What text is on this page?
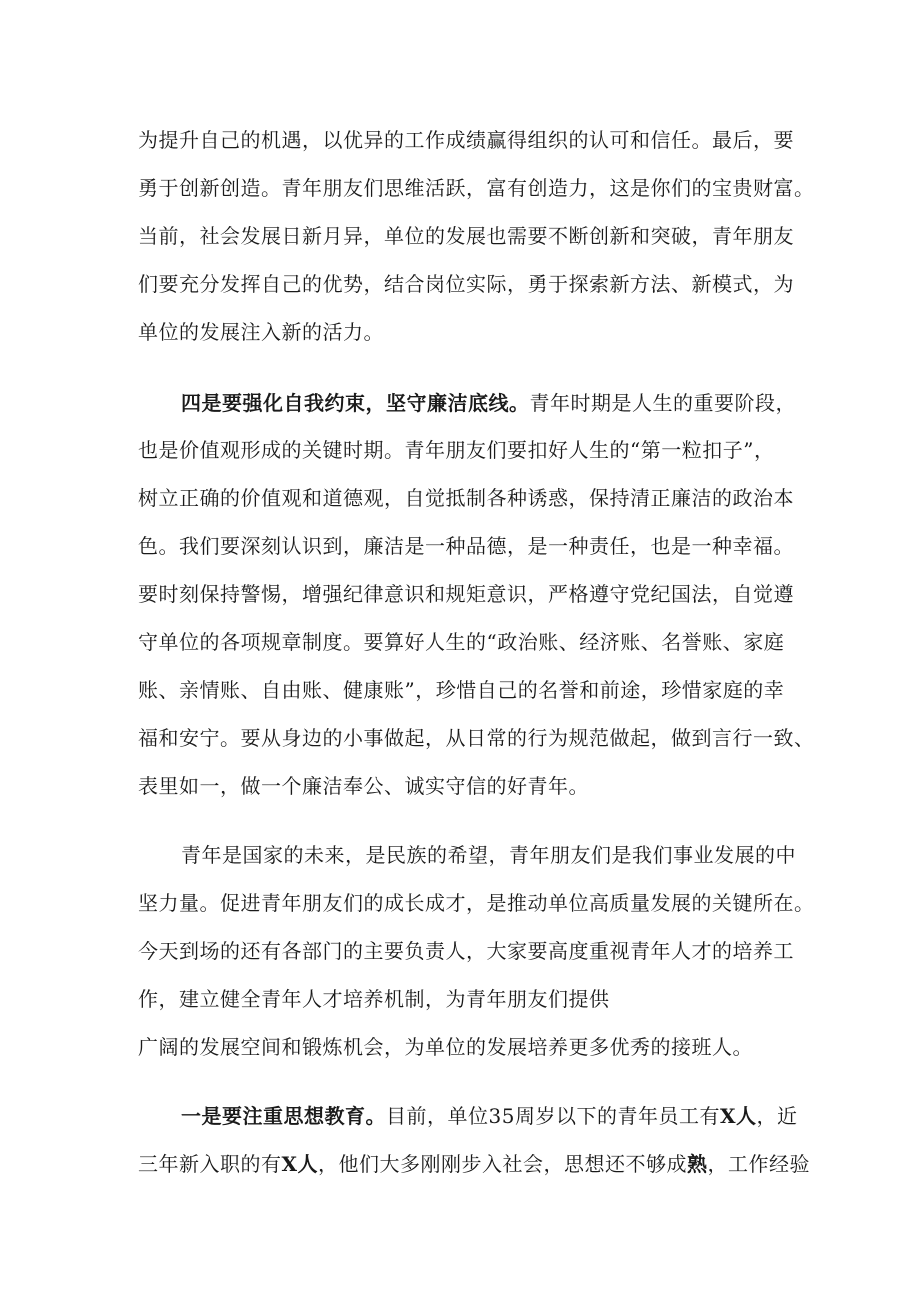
为提升自己的机遇，以优异的工作成绩赢得组织的认可和信任。最后，要

勇于创新创造。青年朋友们思维活跃，富有创造力，这是你们的宝贵财富。

当前，社会发展日新月异，单位的发展也需要不断创新和突破，青年朋友

们要充分发挥自己的优势，结合岗位实际，勇于探索新方法、新模式，为

单位的发展注入新的活力。

四是要强化自我约束，坚守廉洁底线。青年时期是人生的重要阶段，

也是价值观形成的关键时期。青年朋友们要扣好人生的“第一粒扣子”，

树立正确的价值观和道德观，自觉抵制各种诱惑，保持清正廉洁的政治本

色。我们要深刻认识到，廉洁是一种品德，是一种责任，也是一种幸福。

要时刻保持警惕，增强纪律意识和规矩意识，严格遵守党纪国法，自觉遵

守单位的各项规章制度。要算好人生的“政治账、经济账、名誉账、家庭

账、亲情账、自由账、健康账”，珍惜自己的名誉和前途，珍惜家庭的幸

福和安宁。要从身边的小事做起，从日常的行为规范做起，做到言行一致、

表里如一，做一个廉洁奉公、诚实守信的好青年。

青年是国家的未来，是民族的希望，青年朋友们是我们事业发展的中

坚力量。促进青年朋友们的成长成才，是推动单位高质量发展的关键所在。

今天到场的还有各部门的主要负责人，大家要高度重视青年人才的培养工

作，建立健全青年人才培养机制，为青年朋友们提供

广阔的发展空间和锻炼机会，为单位的发展培养更多优秀的接班人。

一是要注重思想教育。目前，单位35周岁以下的青年员工有X人，近

三年新入职的有X人，他们大多刚刚步入社会，思想还不够成熟，工作经验
